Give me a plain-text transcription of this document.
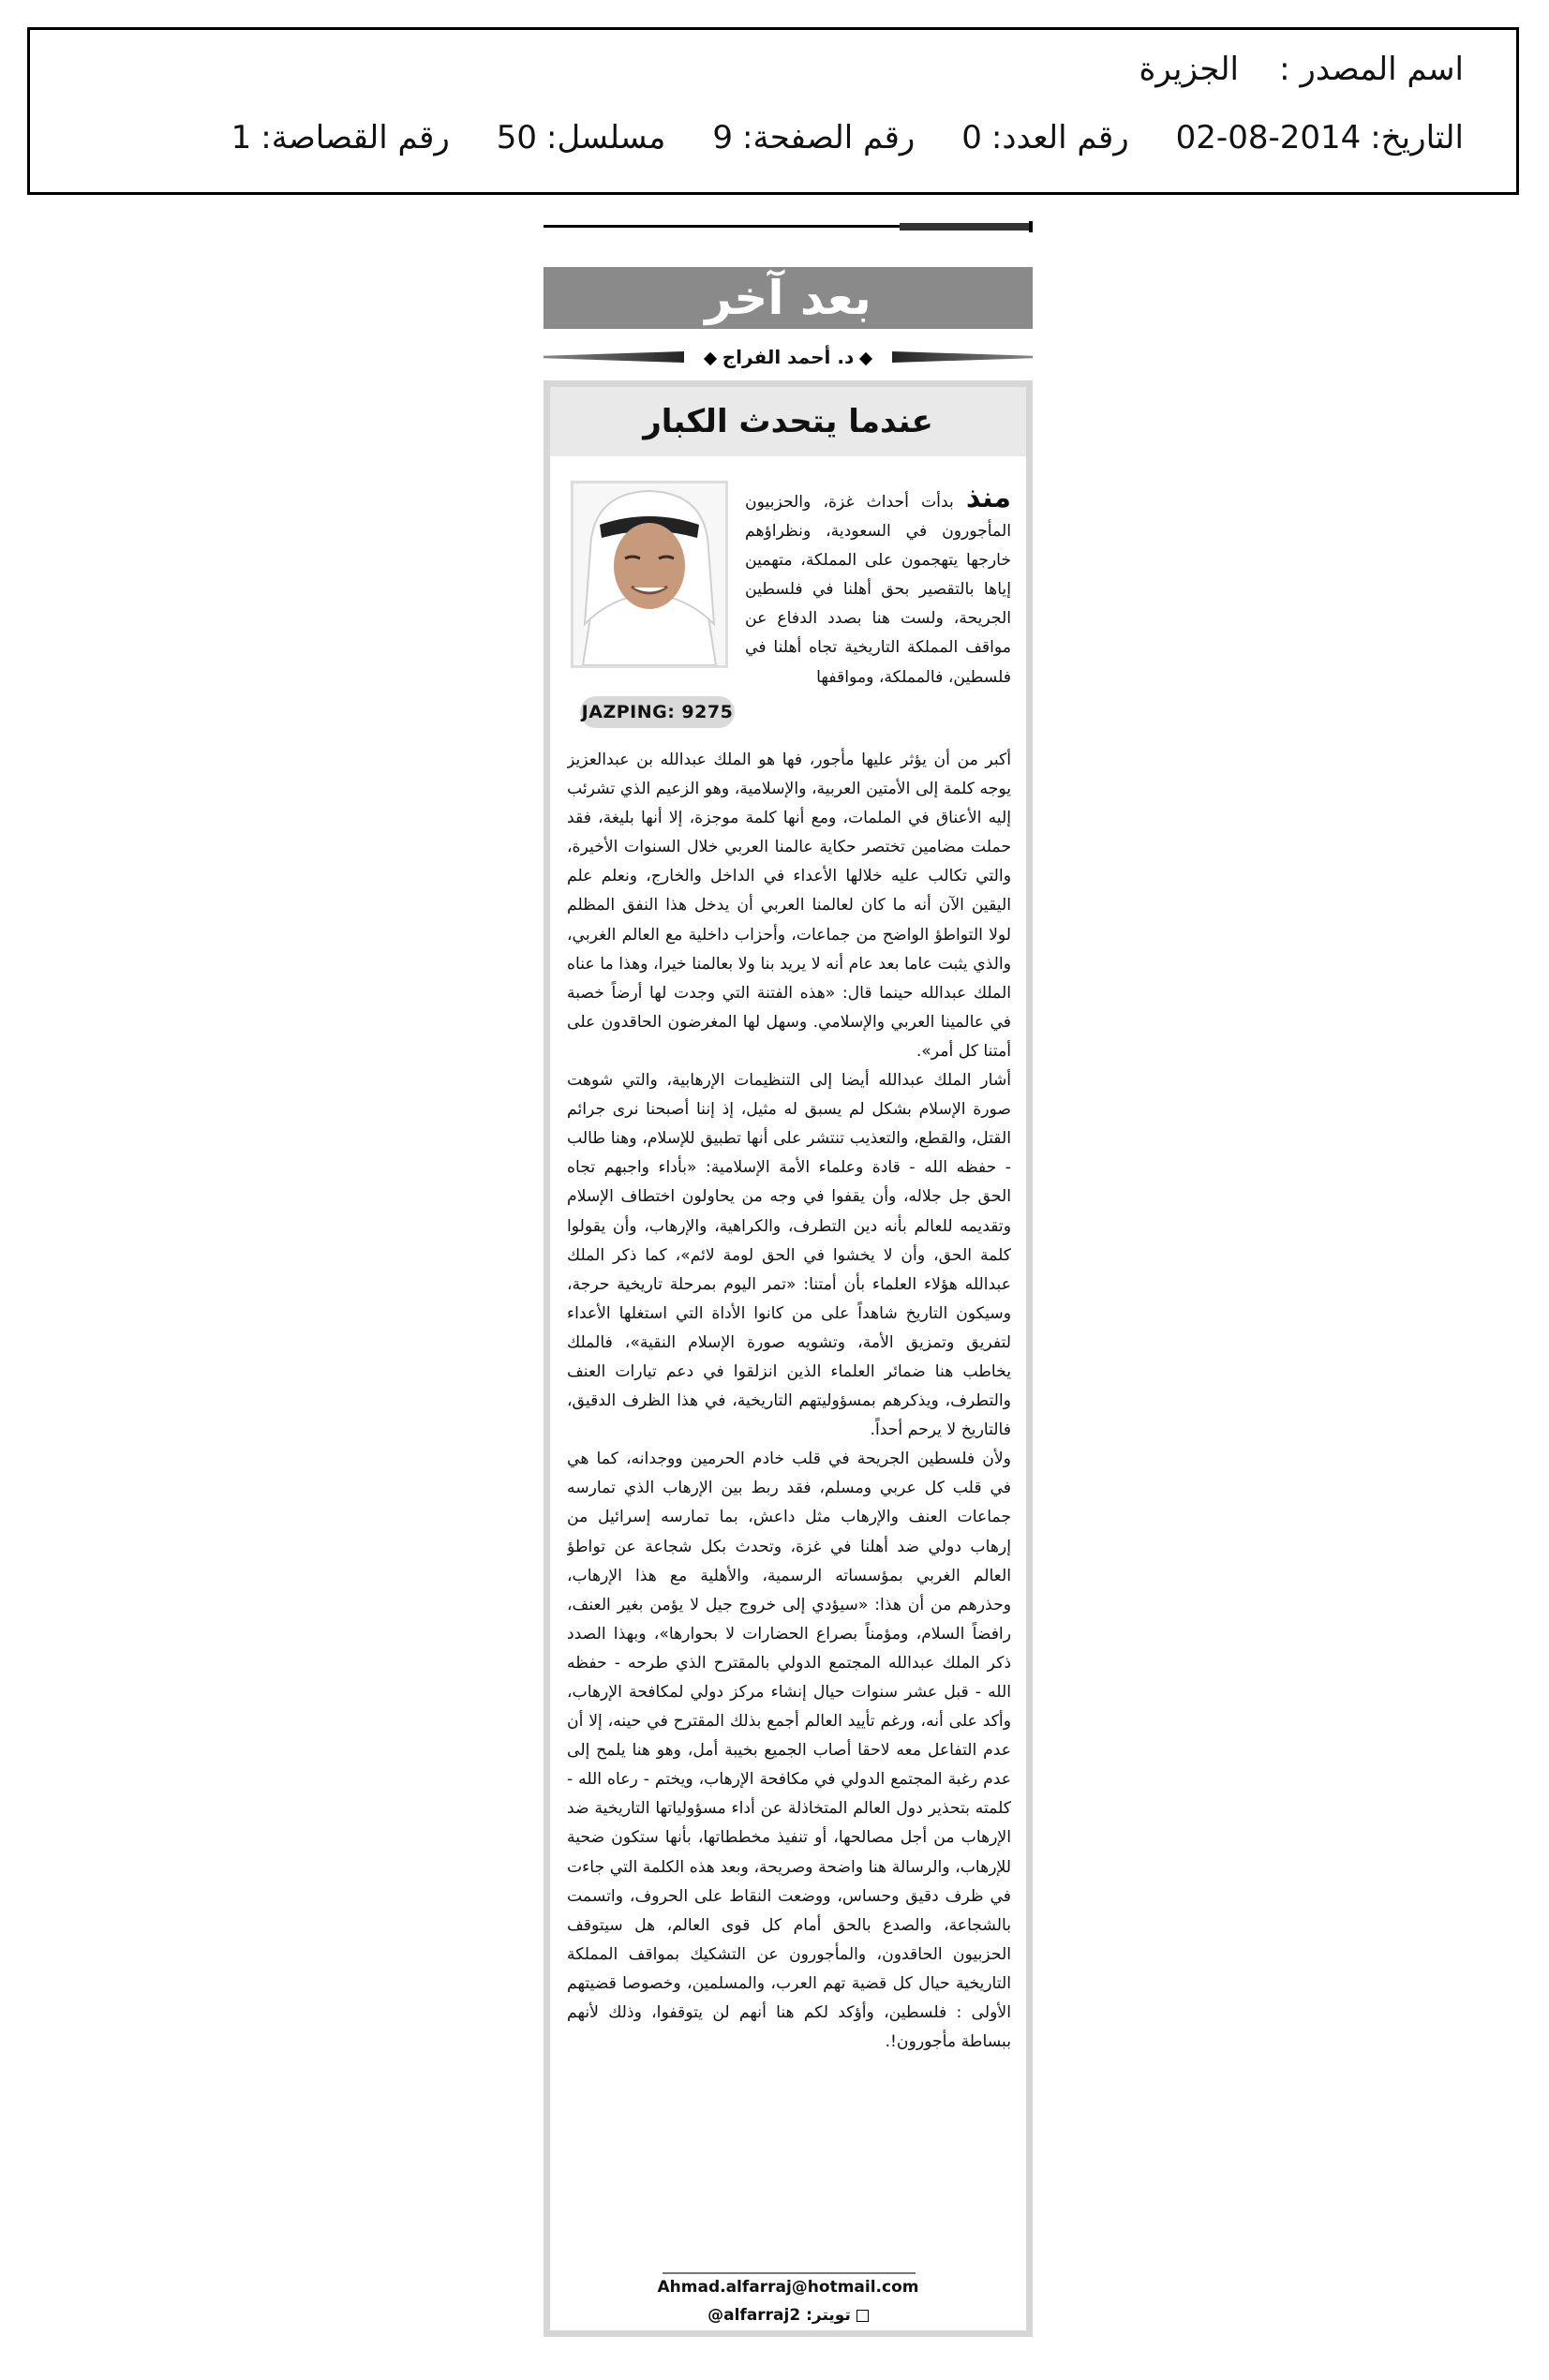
اسم المصدر :
الجزيرة
التاريخ:2014-08-02
رقم العدد:0
رقم الصفحة:9
مسلسل:50
رقم القصاصة:1
بعد آخر
د. أحمد الفراج
عندما يتحدث الكبار
JAZPING: 9275

منذ بدأت أحداث غزة، والحزبيون المأجورون في السعودية، ونظراؤهم خارجها يتهجمون على المملكة، متهمين إياها بالتقصير بحق أهلنا في فلسطين الجريحة، ولست هنا بصدد الدفاع عن مواقف المملكة التاريخية تجاه أهلنا في فلسطين، فالمملكة، ومواقفها

أكبر من أن يؤثر عليها مأجور، فها هو الملك عبدالله بن عبدالعزيز يوجه كلمة إلى الأمتين العربية، والإسلامية، وهو الزعيم الذي تشرئب إليه الأعناق في الملمات، ومع أنها كلمة موجزة، إلا أنها بليغة، فقد حملت مضامين تختصر حكاية عالمنا العربي خلال السنوات الأخيرة، والتي تكالب عليه خلالها الأعداء في الداخل والخارج، ونعلم علم اليقين الآن أنه ما كان لعالمنا العربي أن يدخل هذا النفق المظلم لولا التواطؤ الواضح من جماعات، وأحزاب داخلية مع العالم الغربي، والذي يثبت عاما بعد عام أنه لا يريد بنا ولا بعالمنا خيرا، وهذا ما عناه الملك عبدالله حينما قال: «هذه الفتنة التي وجدت لها أرضاً خصبة في عالمينا العربي والإسلامي. وسهل لها المغرضون الحاقدون على أمتنا كل أمر».

أشار الملك عبدالله أيضا إلى التنظيمات الإرهابية، والتي شوهت صورة الإسلام بشكل لم يسبق له مثيل، إذ إننا أصبحنا نرى جرائم القتل، والقطع، والتعذيب تنتشر على أنها تطبيق للإسلام، وهنا طالب - حفظه الله - قادة وعلماء الأمة الإسلامية: «بأداء واجبهم تجاه الحق جل جلاله، وأن يقفوا في وجه من يحاولون اختطاف الإسلام وتقديمه للعالم بأنه دين التطرف، والكراهية، والإرهاب، وأن يقولوا كلمة الحق، وأن لا يخشوا في الحق لومة لائم»، كما ذكر الملك عبدالله هؤلاء العلماء بأن أمتنا: «تمر اليوم بمرحلة تاريخية حرجة، وسيكون التاريخ شاهداً على من كانوا الأداة التي استغلها الأعداء لتفريق وتمزيق الأمة، وتشويه صورة الإسلام النقية»، فالملك يخاطب هنا ضمائر العلماء الذين انزلقوا في دعم تيارات العنف والتطرف، ويذكرهم بمسؤوليتهم التاريخية، في هذا الظرف الدقيق، فالتاريخ لا يرحم أحداً.

ولأن فلسطين الجريحة في قلب خادم الحرمين ووجدانه، كما هي في قلب كل عربي ومسلم، فقد ربط بين الإرهاب الذي تمارسه جماعات العنف والإرهاب مثل داعش، بما تمارسه إسرائيل من إرهاب دولي ضد أهلنا في غزة، وتحدث بكل شجاعة عن تواطؤ العالم الغربي بمؤسساته الرسمية، والأهلية مع هذا الإرهاب، وحذرهم من أن هذا: «سيؤدي إلى خروج جيل لا يؤمن بغير العنف، رافضاً السلام، ومؤمناً بصراع الحضارات لا بحوارها»، وبهذا الصدد ذكر الملك عبدالله المجتمع الدولي بالمقترح الذي طرحه - حفظه الله - قبل عشر سنوات حيال إنشاء مركز دولي لمكافحة الإرهاب، وأكد على أنه، ورغم تأييد العالم أجمع بذلك المقترح في حينه، إلا أن عدم التفاعل معه لاحقا أصاب الجميع بخيبة أمل، وهو هنا يلمح إلى عدم رغبة المجتمع الدولي في مكافحة الإرهاب، ويختم - رعاه الله - كلمته بتحذير دول العالم المتخاذلة عن أداء مسؤولياتها التاريخية ضد الإرهاب من أجل مصالحها، أو تنفيذ مخططاتها، بأنها ستكون ضحية للإرهاب، والرسالة هنا واضحة وصريحة، وبعد هذه الكلمة التي جاءت في ظرف دقيق وحساس، ووضعت النقاط على الحروف، واتسمت بالشجاعة، والصدع بالحق أمام كل قوى العالم، هل سيتوقف الحزبيون الحاقدون، والمأجورون عن التشكيك بمواقف المملكة التاريخية حيال كل قضية تهم العرب، والمسلمين، وخصوصا قضيتهم الأولى : فلسطين، وأؤكد لكم هنا أنهم لن يتوقفوا، وذلك لأنهم ببساطة مأجورون!.

Ahmad.alfarraj@hotmail.com
تويتر: @alfarraj2
